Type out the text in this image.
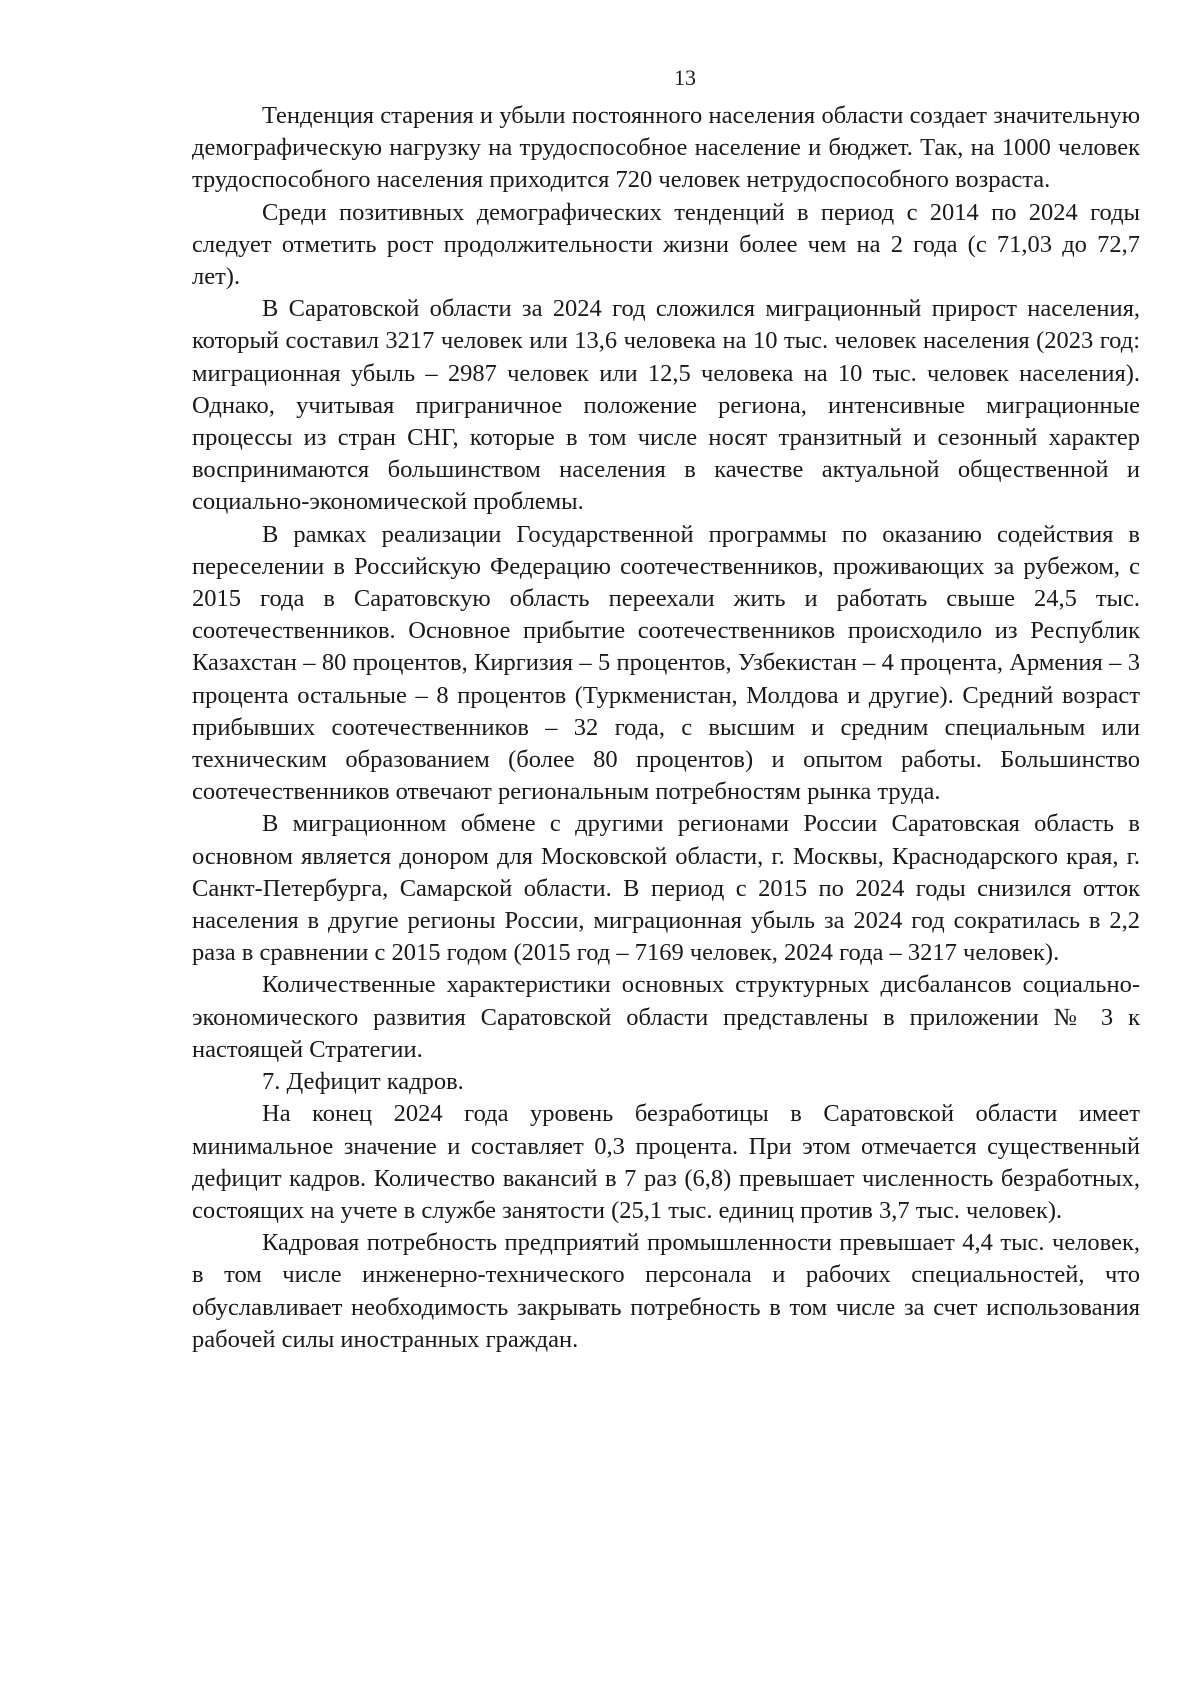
13

Тенденция старения и убыли постоянного населения области создает значительную демографическую нагрузку на трудоспособное население и бюджет. Так, на 1000 человек трудоспособного населения приходится 720 человек нетрудоспособного возраста.

Среди позитивных демографических тенденций в период с 2014 по 2024 годы следует отметить рост продолжительности жизни более чем на 2 года (с 71,03 до 72,7 лет).

В Саратовской области за 2024 год сложился миграционный прирост населения, который составил 3217 человек или 13,6 человека на 10 тыс. человек населения (2023 год: миграционная убыль – 2987 человек или 12,5 человека на 10 тыс. человек населения). Однако, учитывая приграничное положение региона, интенсивные миграционные процессы из стран СНГ, которые в том числе носят транзитный и сезонный характер воспринимаются большинством населения в качестве актуальной общественной и социально-экономической проблемы.

В рамках реализации Государственной программы по оказанию содействия в переселении в Российскую Федерацию соотечественников, проживающих за рубежом, с 2015 года в Саратовскую область переехали жить и работать свыше 24,5 тыс. соотечественников. Основное прибытие соотечественников происходило из Республик Казахстан – 80 процентов, Киргизия – 5 процентов, Узбекистан – 4 процента, Армения – 3 процента остальные – 8 процентов (Туркменистан, Молдова и другие). Средний возраст прибывших соотечественников – 32 года, с высшим и средним специальным или техническим образованием (более 80 процентов) и опытом работы. Большинство соотечественников отвечают региональным потребностям рынка труда.

В миграционном обмене с другими регионами России Саратовская область в основном является донором для Московской области, г. Москвы, Краснодарского края, г. Санкт-Петербурга, Самарской области. В период с 2015 по 2024 годы снизился отток населения в другие регионы России, миграционная убыль за 2024 год сократилась в 2,2 раза в сравнении с 2015 годом (2015 год – 7169 человек, 2024 года – 3217 человек).

Количественные характеристики основных структурных дисбалансов социально-экономического развития Саратовской области представлены в приложении № 3 к настоящей Стратегии.

7. Дефицит кадров.

На конец 2024 года уровень безработицы в Саратовской области имеет минимальное значение и составляет 0,3 процента. При этом отмечается существенный дефицит кадров. Количество вакансий в 7 раз (6,8) превышает численность безработных, состоящих на учете в службе занятости (25,1 тыс. единиц против 3,7 тыс. человек).

Кадровая потребность предприятий промышленности превышает 4,4 тыс. человек, в том числе инженерно-технического персонала и рабочих специальностей, что обуславливает необходимость закрывать потребность в том числе за счет использования рабочей силы иностранных граждан.
